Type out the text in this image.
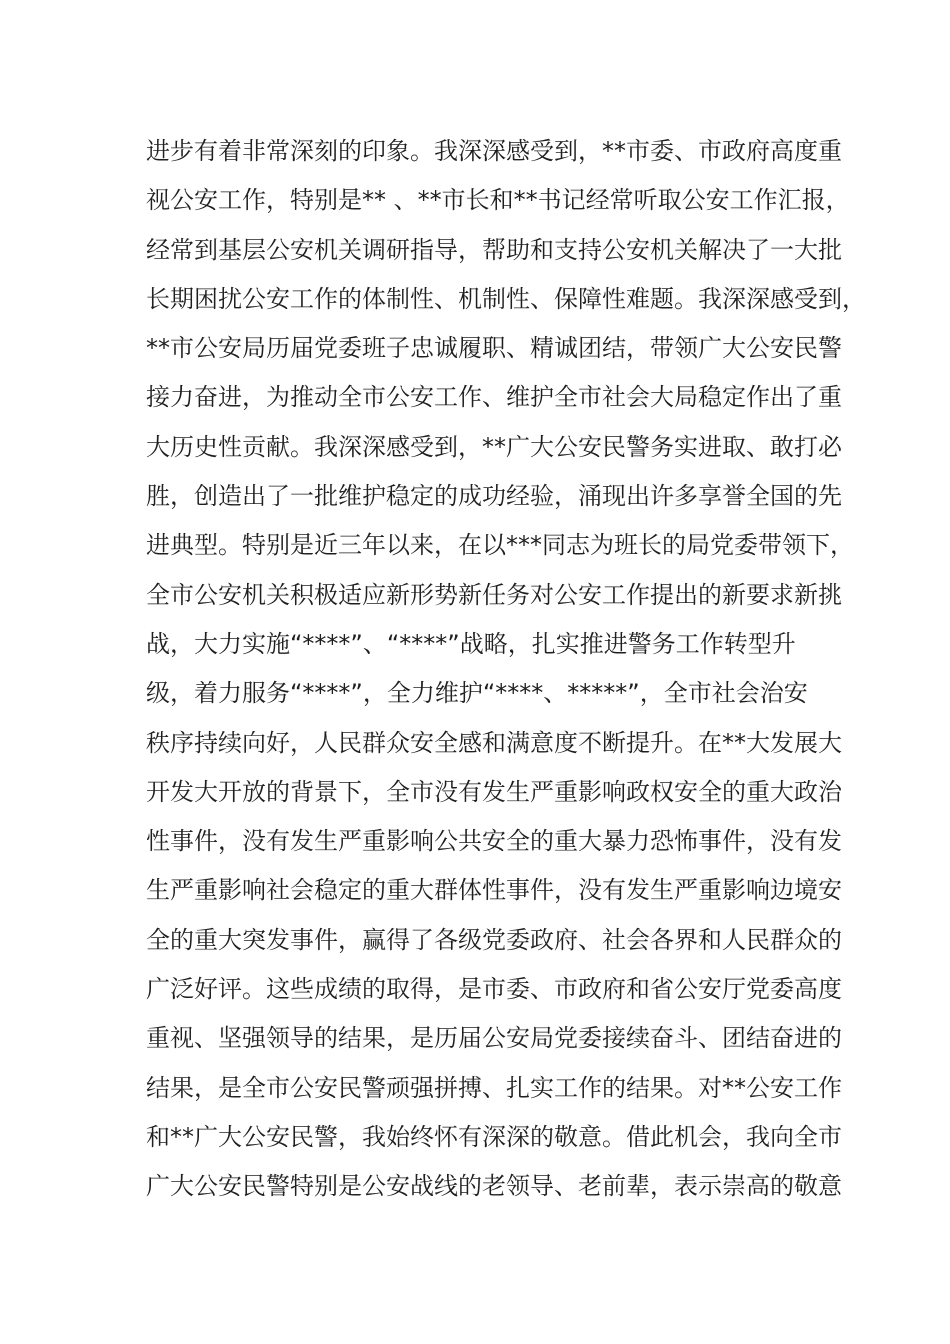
进步有着非常深刻的印象。我深深感受到，**市委、市政府高度重
视公安工作，特别是** 、**市长和**书记经常听取公安工作汇报，
经常到基层公安机关调研指导，帮助和支持公安机关解决了一大批
长期困扰公安工作的体制性、机制性、保障性难题。我深深感受到，
**市公安局历届党委班子忠诚履职、精诚团结，带领广大公安民警
接力奋进，为推动全市公安工作、维护全市社会大局稳定作出了重
大历史性贡献。我深深感受到，**广大公安民警务实进取、敢打必
胜，创造出了一批维护稳定的成功经验，涌现出许多享誉全国的先
进典型。特别是近三年以来，在以***同志为班长的局党委带领下，
全市公安机关积极适应新形势新任务对公安工作提出的新要求新挑
战，大力实施“****”、“****”战略，扎实推进警务工作转型升
级，着力服务“****”，全力维护“****、*****”，全市社会治安
秩序持续向好，人民群众安全感和满意度不断提升。在**大发展大
开发大开放的背景下，全市没有发生严重影响政权安全的重大政治
性事件，没有发生严重影响公共安全的重大暴力恐怖事件，没有发
生严重影响社会稳定的重大群体性事件，没有发生严重影响边境安
全的重大突发事件，赢得了各级党委政府、社会各界和人民群众的
广泛好评。这些成绩的取得，是市委、市政府和省公安厅党委高度
重视、坚强领导的结果，是历届公安局党委接续奋斗、团结奋进的
结果，是全市公安民警顽强拼搏、扎实工作的结果。对**公安工作
和**广大公安民警，我始终怀有深深的敬意。借此机会，我向全市
广大公安民警特别是公安战线的老领导、老前辈，表示崇高的敬意
